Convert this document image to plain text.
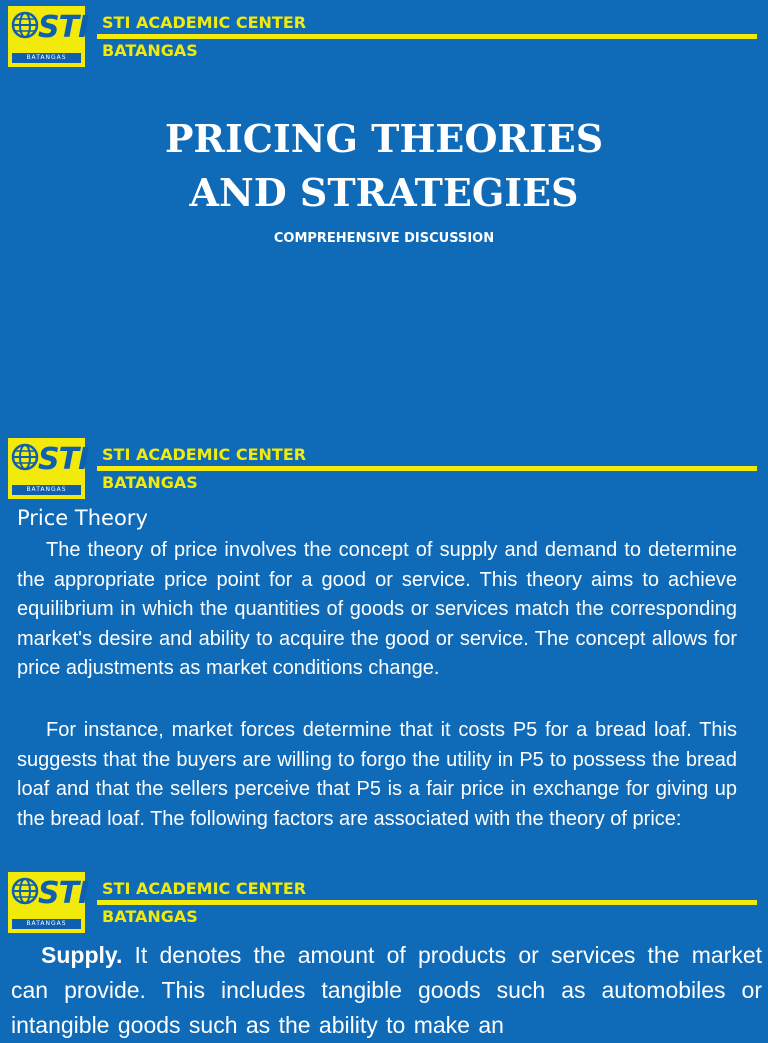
STI
BATANGAS
STI ACADEMIC CENTER
BATANGAS
PRICING THEORIES
AND STRATEGIES
COMPREHENSIVE DISCUSSION
STI
BATANGAS
STI ACADEMIC CENTER
BATANGAS
Price Theory

The theory of price involves the concept of supply and demand to determine the appropriate price point for a good or service. This theory aims to achieve equilibrium in which the quantities of goods or services match the corresponding market's desire and ability to acquire the good or service. The concept allows for price adjustments as market conditions change.

For instance, market forces determine that it costs P5 for a bread loaf. This suggests that the buyers are willing to forgo the utility in P5 to possess the bread loaf and that the sellers perceive that P5 is a fair price in exchange for giving up the bread loaf. The following factors are associated with the theory of price:

STI
BATANGAS
STI ACADEMIC CENTER
BATANGAS

Supply. It denotes the amount of products or services the market can provide. This includes tangible goods such as automobiles or intangible goods such as the ability to make an
